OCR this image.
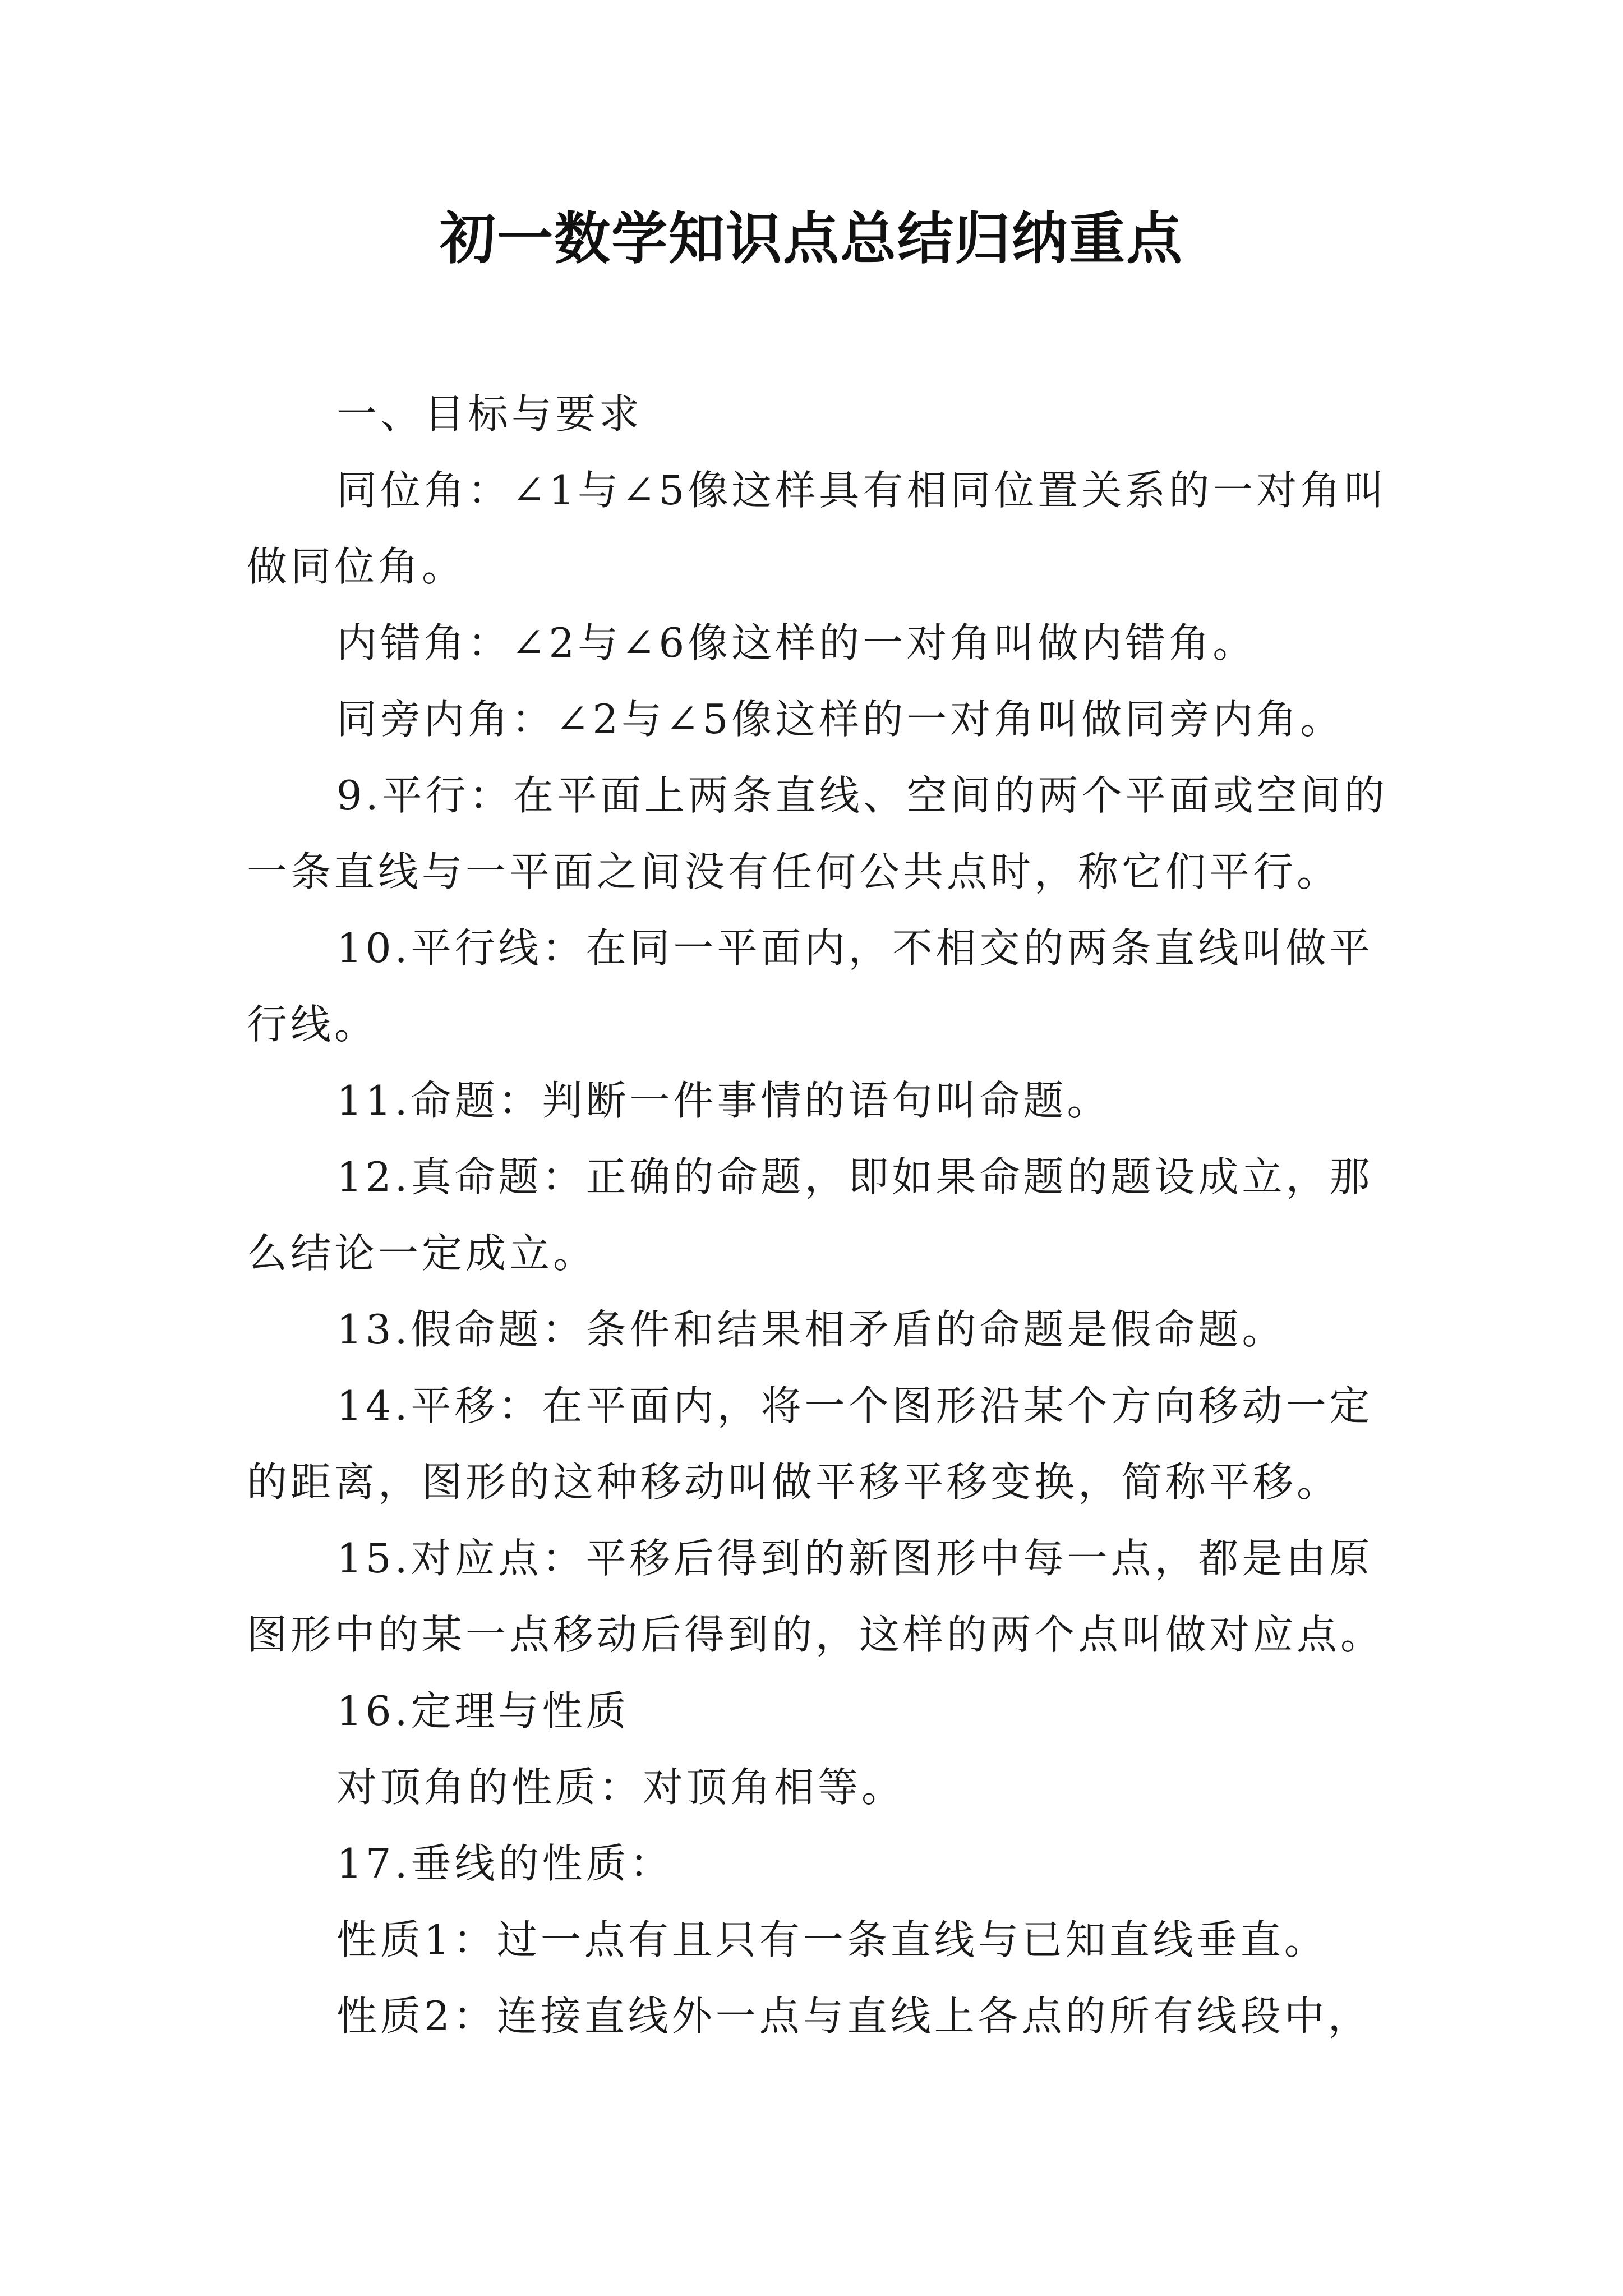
初一数学知识点总结归纳重点

一、目标与要求

同位角：∠1与∠5像这样具有相同位置关系的一对角叫做同位角。

内错角：∠2与∠6像这样的一对角叫做内错角。

同旁内角：∠2与∠5像这样的一对角叫做同旁内角。

9.平行：在平面上两条直线、空间的两个平面或空间的一条直线与一平面之间没有任何公共点时，称它们平行。

10.平行线：在同一平面内，不相交的两条直线叫做平行线。

11.命题：判断一件事情的语句叫命题。

12.真命题：正确的命题，即如果命题的题设成立，那么结论一定成立。

13.假命题：条件和结果相矛盾的命题是假命题。

14.平移：在平面内，将一个图形沿某个方向移动一定的距离，图形的这种移动叫做平移平移变换，简称平移。

15.对应点：平移后得到的新图形中每一点，都是由原图形中的某一点移动后得到的，这样的两个点叫做对应点。

16.定理与性质

对顶角的性质：对顶角相等。

17.垂线的性质：

性质1：过一点有且只有一条直线与已知直线垂直。

性质2：连接直线外一点与直线上各点的所有线段中，
